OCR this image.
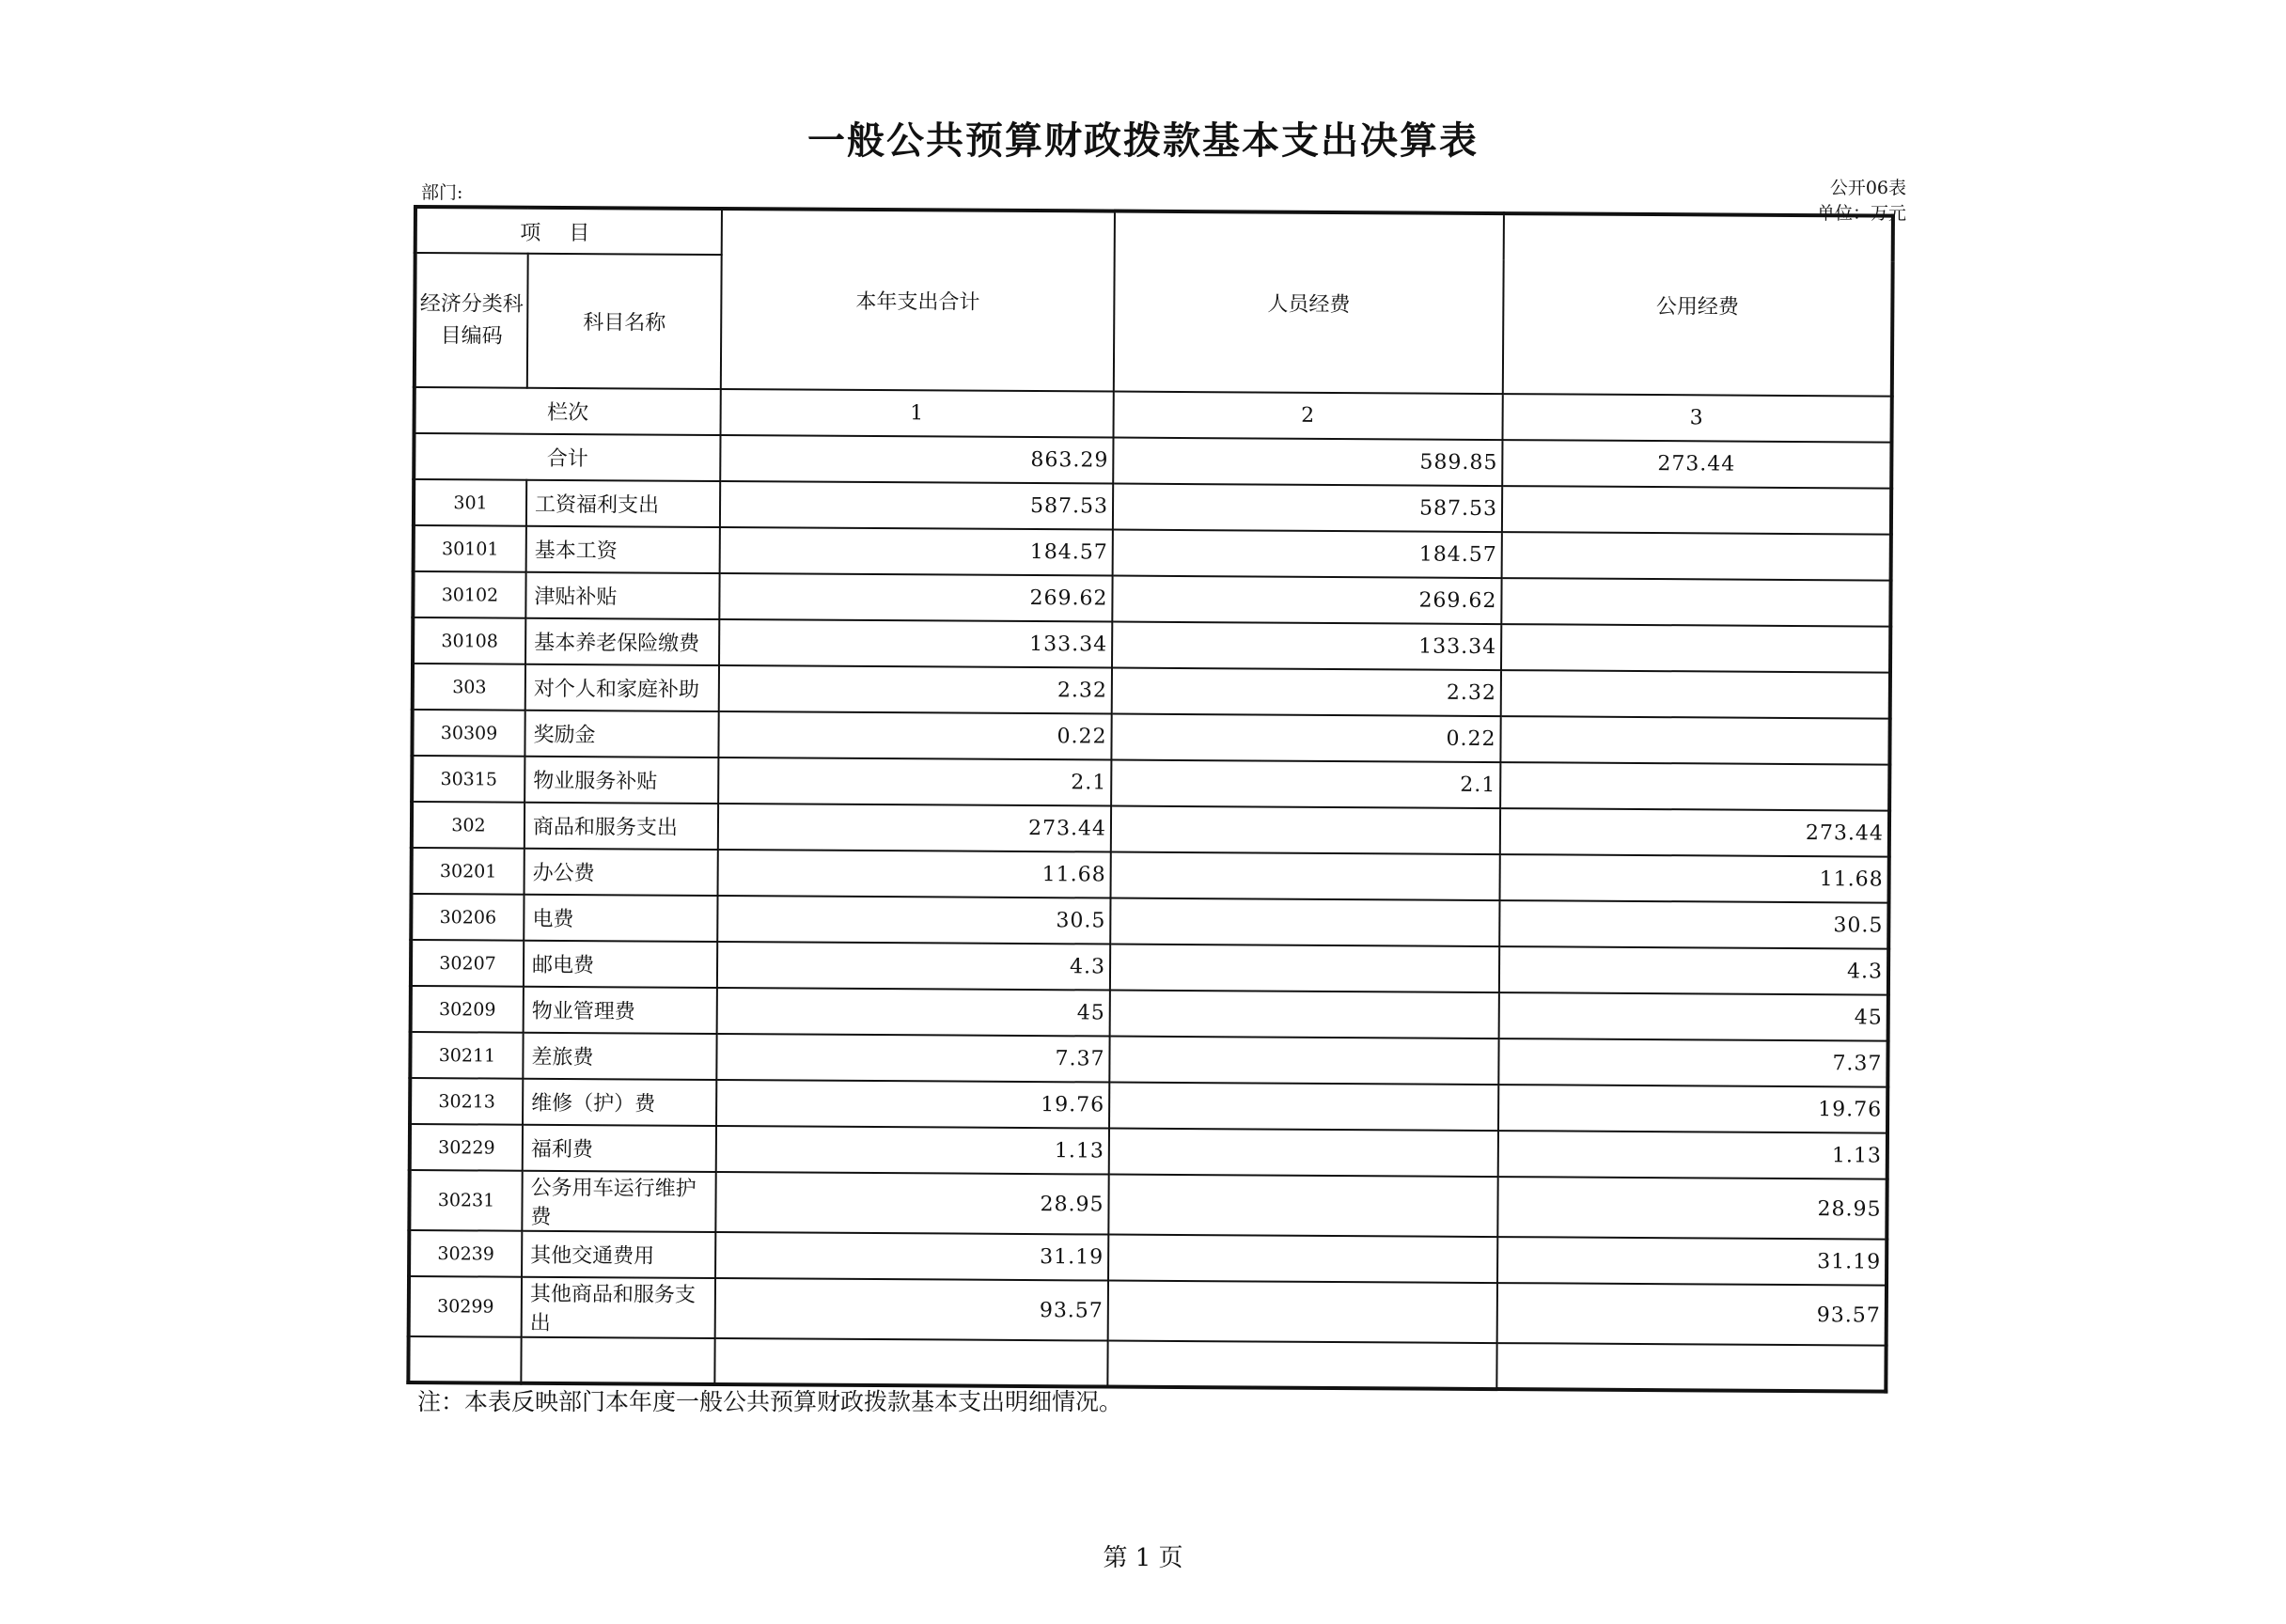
一般公共预算财政拨款基本支出决算表
部门:	公开06表
单位：万元
项目		本年支出合计	人员经费	公用经费
经济分类科目编码	科目名称			
栏次		1	2	3
合计		863.29	589.85	273.44
301	工资福利支出	587.53	587.53	
30101	基本工资	184.57	184.57	
30102	津贴补贴	269.62	269.62	
30108	基本养老保险缴费	133.34	133.34	
303	对个人和家庭补助	2.32	2.32	
30309	奖励金	0.22	0.22	
30315	物业服务补贴	2.1	2.1	
302	商品和服务支出	273.44		273.44
30201	办公费	11.68		11.68
30206	电费	30.5		30.5
30207	邮电费	4.3		4.3
30209	物业管理费	45		45
30211	差旅费	7.37		7.37
30213	维修（护）费	19.76		19.76
30229	福利费	1.13		1.13
30231	公务用车运行维护费	28.95		28.95
30239	其他交通费用	31.19		31.19
30299	其他商品和服务支出	93.57		93.57

注：本表反映部门本年度一般公共预算财政拨款基本支出明细情况。
第 1 页
